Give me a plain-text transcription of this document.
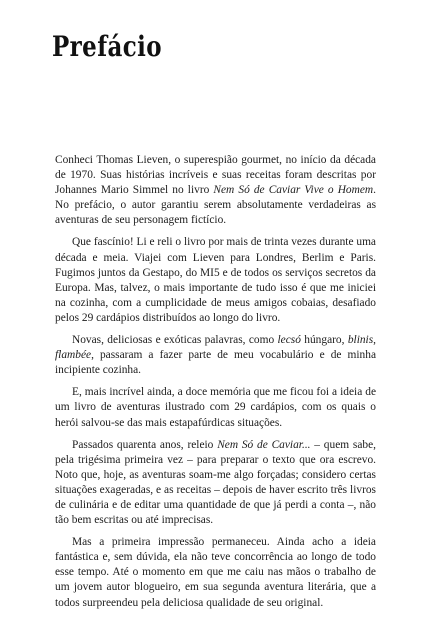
Prefácio

Conheci Thomas Lieven, o superespião gourmet, no início da década de 1970. Suas histórias incríveis e suas receitas foram descritas por Johannes Mario Simmel no livro Nem Só de Caviar Vive o Homem. No prefácio, o autor garantiu serem absolutamente verdadeiras as aventuras de seu personagem fictício.

Que fascínio! Li e reli o livro por mais de trinta vezes durante uma década e meia. Viajei com Lieven para Londres, Berlim e Paris. Fugimos juntos da Gestapo, do MI5 e de todos os serviços secretos da Europa. Mas, talvez, o mais importante de tudo isso é que me iniciei na cozinha, com a cumplicidade de meus amigos cobaias, desafiado pelos 29 cardápios distribuídos ao longo do livro.

Novas, deliciosas e exóticas palavras, como lecsó húngaro, blinis, flambée, passaram a fazer parte de meu vocabulário e de minha incipiente cozinha.

E, mais incrível ainda, a doce memória que me ficou foi a ideia de um livro de aventuras ilustrado com 29 cardápios, com os quais o herói salvou-se das mais estapafúrdicas situações.

Passados quarenta anos, releio Nem Só de Caviar... – quem sabe, pela trigésima primeira vez – para preparar o texto que ora escrevo. Noto que, hoje, as aventuras soam-me algo forçadas; considero certas situações exageradas, e as receitas – depois de haver escrito três livros de culinária e de editar uma quantidade de que já perdi a conta –, não tão bem escritas ou até imprecisas.

Mas a primeira impressão permaneceu. Ainda acho a ideia fantástica e, sem dúvida, ela não teve concorrência ao longo de todo esse tempo. Até o momento em que me caiu nas mãos o trabalho de um jovem autor blogueiro, em sua segunda aventura literária, que a todos surpreendeu pela deliciosa qualidade de seu original.
